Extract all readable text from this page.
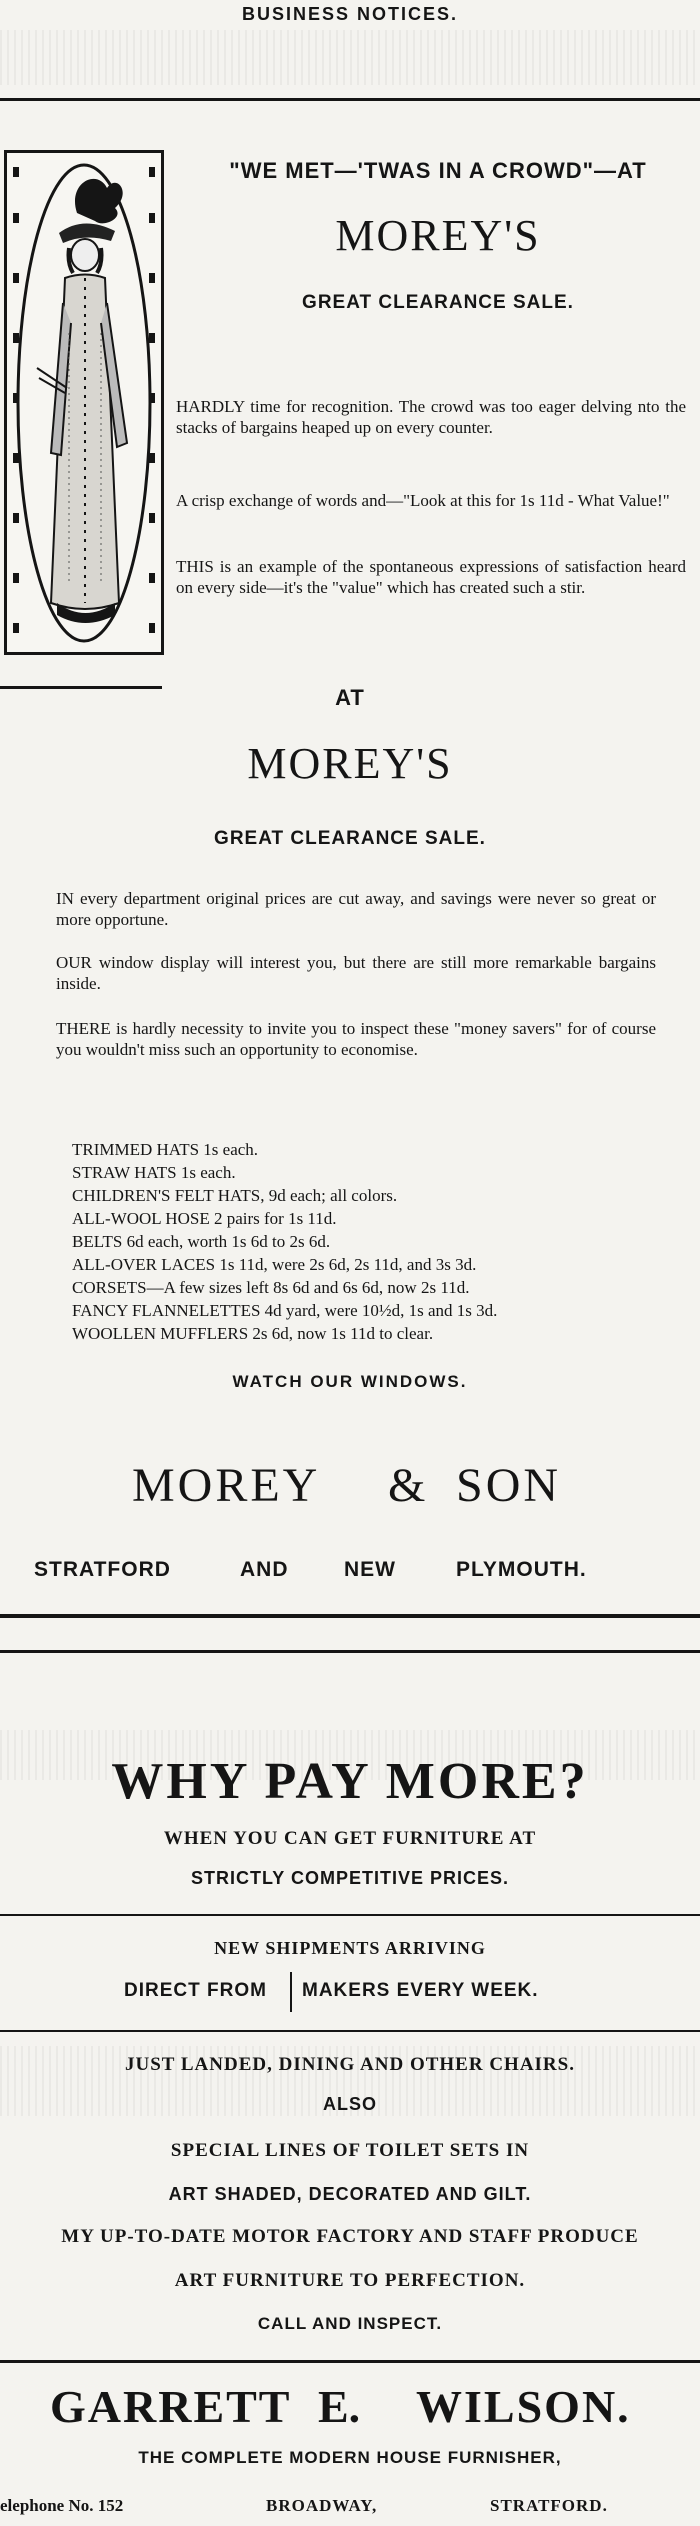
BUSINESS NOTICES.
"WE MET—'TWAS IN A CROWD"—AT
MOREY'S
GREAT CLEARANCE SALE.
HARDLY time for recognition. The crowd was too eager delving nto the stacks of bargains heaped up on every counter.
A crisp exchange of words and—"Look at this for 1s 11d - What Value!"
THIS is an example of the spontaneous expressions of satisfaction heard on every side—it's the "value" which has created such a stir.
AT
MOREY'S
GREAT CLEARANCE SALE.
IN every department original prices are cut away, and savings were never so great or more opportune.
OUR window display will interest you, but there are still more remarkable bargains inside.
THERE is hardly necessity to invite you to inspect these "money savers" for of course you wouldn't miss such an opportunity to economise.
TRIMMED HATS 1s each.
STRAW HATS 1s each.
CHILDREN'S FELT HATS, 9d each; all colors.
ALL-WOOL HOSE 2 pairs for 1s 11d.
BELTS 6d each, worth 1s 6d to 2s 6d.
ALL-OVER LACES 1s 11d, were 2s 6d, 2s 11d, and 3s 3d.
CORSETS—A few sizes left 8s 6d and 6s 6d, now 2s 11d.
FANCY FLANNELETTES 4d yard, were 10½d, 1s and 1s 3d.
WOOLLEN MUFFLERS 2s 6d, now 1s 11d to clear.
WATCH OUR WINDOWS.
MOREY & SON
STRATFORD	AND	NEW	PLYMOUTH.
WHY PAY MORE?
WHEN YOU CAN GET FURNITURE AT
STRICTLY COMPETITIVE PRICES.
NEW SHIPMENTS ARRIVING
DIRECT FROM MAKERS EVERY WEEK.
JUST LANDED, DINING AND OTHER CHAIRS.
ALSO
SPECIAL LINES OF TOILET SETS IN
ART SHADED, DECORATED AND GILT.
MY UP-TO-DATE MOTOR FACTORY AND STAFF PRODUCE
ART FURNITURE TO PERFECTION.
CALL AND INSPECT.
GARRETT E. WILSON.
THE COMPLETE MODERN HOUSE FURNISHER,
elephone No. 152	BROADWAY,	STRATFORD.
